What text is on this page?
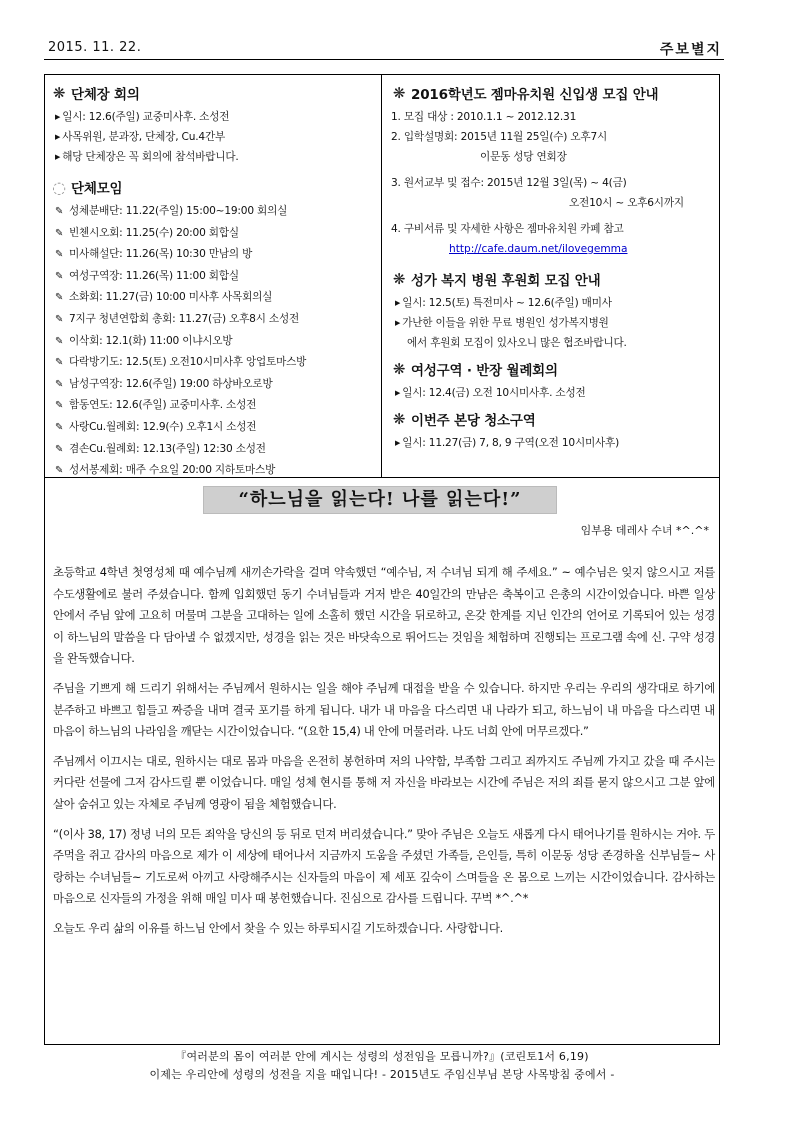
2015. 11. 22.	주보별지
❋ 단체장 회의
▶ 일시: 12.6(주일) 교중미사후. 소성전
▶ 사목위원, 분과장, 단체장, Cu.4간부
▶ 해당 단체장은 꼭 회의에 참석바랍니다.
◌ 단체모임
✎ 성체분배단: 11.22(주일) 15:00~19:00 회의실
✎ 빈첸시오회: 11.25(수) 20:00 회합실
✎ 미사해설단: 11.26(목) 10:30 만남의 방
✎ 여성구역장: 11.26(목) 11:00 회합실
✎ 소화회: 11.27(금) 10:00 미사후 사목회의실
✎ 7지구 청년연합회 총회: 11.27(금) 오후8시 소성전
✎ 이삭회: 12.1(화) 11:00 이냐시오방
✎ 다락방기도: 12.5(토) 오전10시미사후 앙업토마스방
✎ 남성구역장: 12.6(주일) 19:00 하상바오로방
✎ 함동연도: 12.6(주일) 교중미사후. 소성전
✎ 사랑Cu.월례회: 12.9(수) 오후1시 소성전
✎ 겸손Cu.월례회: 12.13(주일) 12:30 소성전
✎ 성서봉제회: 매주 수요일 20:00 지하토마스방
❋ 2016학년도 젬마유치원 신입생 모집 안내
1. 모집 대상 : 2010.1.1 ~ 2012.12.31
2. 입학설명회: 2015년 11월 25일(수) 오후7시
이문동 성당 연회장
3. 원서교부 및 접수: 2015년 12월 3일(목) ~ 4(금)
오전10시 ~ 오후6시까지
4. 구비서류 및 자세한 사항은 젬마유치원 카페 참고
http://cafe.daum.net/ilovegemma
❋ 성가 복지 병원 후원회 모집 안내
▶ 일시: 12.5(토) 특전미사 ~ 12.6(주일) 매미사
▶ 가난한 이들을 위한 무료 병원인 성가복지병원
에서 후원회 모집이 있사오니 많은 협조바랍니다.
❋ 여성구역 · 반장 월례회의
▶ 일시: 12.4(금) 오전 10시미사후. 소성전
❋ 이번주 본당 청소구역
▶ 일시: 11.27(금) 7, 8, 9 구역(오전 10시미사후)
“하느님을 읽는다! 나를 읽는다!”
임부용 데레사 수녀 *^.^*

초등학교 4학년 첫영성체 때 예수님께 새끼손가락을 걸며 약속했던 “예수님, 저 수녀님 되게 해 주세요.” ~ 예수님은 잊지 않으시고 저를 수도생활에로 불러 주셨습니다. 함께 입회했던 동기 수녀님들과 거저 받은 40일간의 만남은 축복이고 은총의 시간이었습니다. 바쁜 일상 안에서 주님 앞에 고요히 머물며 그분을 고대하는 일에 소홀히 했던 시간을 뒤로하고, 온갖 한계를 지닌 인간의 언어로 기록되어 있는 성경이 하느님의 말씀을 다 담아낼 수 없겠지만, 성경을 읽는 것은 바닷속으로 뛰어드는 것임을 체험하며 진행되는 프로그램 속에 신. 구약 성경을 완독했습니다.

주님을 기쁘게 해 드리기 위해서는 주님께서 원하시는 일을 해야 주님께 대접을 받을 수 있습니다. 하지만 우리는 우리의 생각대로 하기에 분주하고 바쁘고 힘들고 짜증을 내며 결국 포기를 하게 됩니다. 내가 내 마음을 다스리면 내 나라가 되고, 하느님이 내 마음을 다스리면 내 마음이 하느님의 나라임을 깨닫는 시간이었습니다. “(요한 15,4) 내 안에 머물러라. 나도 너희 안에 머무르겠다.”

주님께서 이끄시는 대로, 원하시는 대로 몸과 마음을 온전히 봉헌하며 저의 나약함, 부족함 그리고 죄까지도 주님께 가지고 갔을 때 주시는 커다란 선물에 그저 감사드릴 뿐 이었습니다. 매일 성체 현시를 통해 저 자신을 바라보는 시간에 주님은 저의 죄를 묻지 않으시고 그분 앞에 살아 숨쉬고 있는 자체로 주님께 영광이 됨을 체험했습니다.

“(이사 38, 17) 정녕 너의 모든 죄악을 당신의 등 뒤로 던져 버리셨습니다.” 맞아 주님은 오늘도 새롭게 다시 태어나기를 원하시는 거야. 두 주먹을 쥐고 감사의 마음으로 제가 이 세상에 태어나서 지금까지 도움을 주셨던 가족들, 은인들, 특히 이문동 성당 존경하올 신부님들~ 사랑하는 수녀님들~ 기도로써 아끼고 사랑해주시는 신자들의 마음이 제 세포 깊숙이 스며들을 온 몸으로 느끼는 시간이었습니다. 감사하는 마음으로 신자들의 가정을 위해 매일 미사 때 봉헌했습니다. 진심으로 감사를 드립니다. 꾸벅 *^.^*

오늘도 우리 삶의 이유를 하느님 안에서 찾을 수 있는 하루되시길 기도하겠습니다. 사랑합니다.

『여러분의 몸이 여러분 안에 계시는 성령의 성전임을 모릅니까?』(코린토1서 6,19)
이제는 우리안에 성령의 성전을 지을 때입니다! - 2015년도 주임신부님 본당 사목방침 중에서 -
